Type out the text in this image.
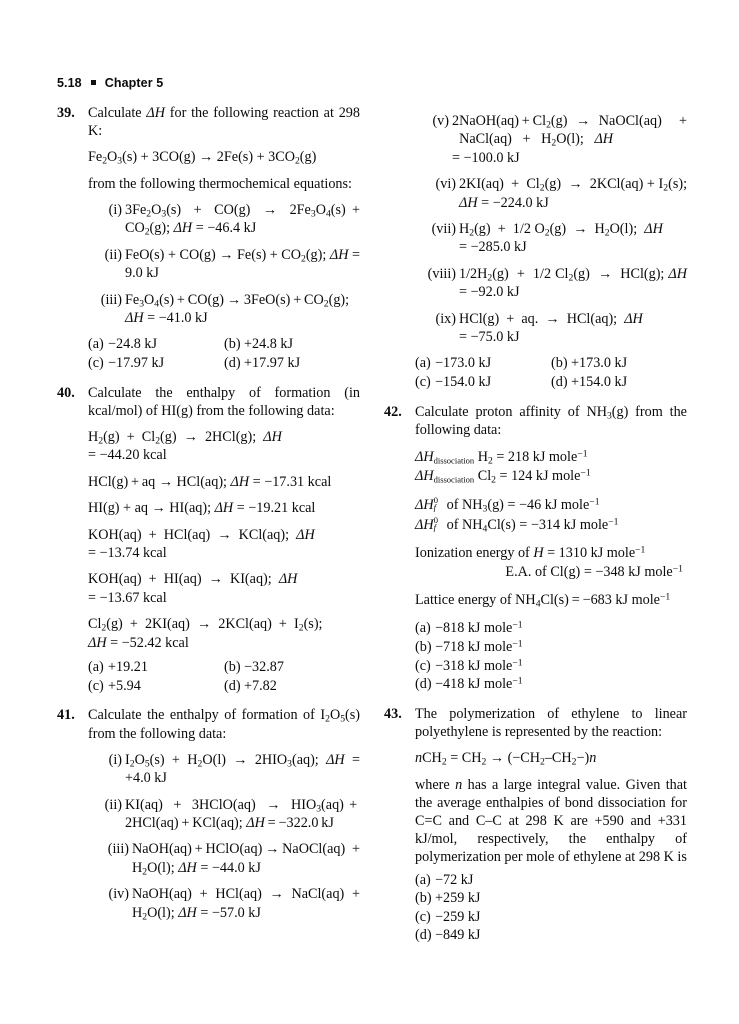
5.18 Chapter 5
39. Calculate ΔH for the following reaction at 298 K:

$Fe_2O_3(s) + 3CO(g) \to 2Fe(s) + 3CO_2(g)$

from the following thermochemical equations:

(i) $3Fe_2O_3(s) + CO(g) \to 2Fe_3O_4(s) + CO_2(g)$; ΔH = −46.4 kJ
(ii) $FeO(s) + CO(g) \to Fe(s) + CO_2(g)$; ΔH = 9.0 kJ
(iii) $Fe_3O_4(s) + CO(g) \to 3FeO(s) + CO_2(g)$; ΔH = −41.0 kJ
(a) −24.8 kJ	(b) +24.8 kJ
(c) −17.97 kJ	(d) +17.97 kJ
40. Calculate the enthalpy of formation (in kcal/mol) of HI(g) from the following data:

$H_2(g) + Cl_2(g) \to 2HCl(g)$;  ΔH
= −44.20 kcal

HCl(g) + aq → HCl(aq); ΔH = −17.31 kcal

HI(g) + aq → HI(aq); ΔH = −19.21 kcal

KOH(aq)  +  HCl(aq)  →  KCl(aq);  ΔH
= −13.74 kcal

KOH(aq)  +  HI(aq)  →  KI(aq);  ΔH
= −13.67 kcal

$Cl_2(g) + 2KI(aq) \to 2KCl(aq) + I_2(s)$;
ΔH = −52.42 kcal

(a) +19.21	(b) −32.87
(c) +5.94	(d) +7.82
41. Calculate the enthalpy of formation of $I_2O_5(s)$ from the following data:

(i) $I_2O_5(s) + H_2O(l) \to 2HIO_3(aq)$; ΔH = +4.0 kJ
(ii) KI(aq)  +  3HClO(aq)  →  $HIO_3(aq) + 2HCl(aq) + KCl(aq)$; ΔH = −322.0 kJ
(iii) NaOH(aq) + HClO(aq) → NaOCl(aq) + $H_2O(l)$; ΔH = −44.0 kJ
(iv) NaOH(aq) + HCl(aq) → NaCl(aq) + $H_2O(l)$; ΔH = −57.0 kJ
(v) 2NaOH(aq) + $Cl_2(g)$ → NaOCl(aq)  +   NaCl(aq)   +   $H_2O(l)$;   ΔH
= −100.0 kJ
(vi) $2KI(aq) + Cl_2(g) \to 2KCl(aq) + I_2(s)$; ΔH = −224.0 kJ
(vii) $H_2(g) + 1/2$ $O_2(g) \to H_2O(l)$;  ΔH
= −285.0 kJ
(viii) $1/2H_2(g) + 1/2$ $Cl_2(g) \to HCl(g)$; ΔH = −92.0 kJ
(ix) HCl(g)  +  aq.  →  HCl(aq);  ΔH
= −75.0 kJ
(a) −173.0 kJ	(b) +173.0 kJ
(c) −154.0 kJ	(d) +154.0 kJ
42. Calculate proton affinity of $NH_3(g)$ from the following data:

ΔHdissociation $H_2 = 218$ kJ mole$^{-1}$

ΔHdissociation $Cl_2 = 124$ kJ mole$^{-1}$

ΔH 0
f of $NH_3(g) = -46$ kJ mole$^{-1}$

ΔH 0
f of $NH_4Cl(s) = -314$ kJ mole$^{-1}$

Ionization energy of H = 1310 kJ mole$^{-1}$

E.A. of Cl(g) = −348 kJ mole$^{-1}$

Lattice energy of $NH_4Cl(s) = -683$ kJ mole$^{-1}$

(a) −818 kJ mole$^{-1}$
(b) −718 kJ mole$^{-1}$
(c) −318 kJ mole$^{-1}$
(d) −418 kJ mole$^{-1}$
43. The polymerization of ethylene to linear polyethylene is represented by the reaction:

$nCH_2 = CH_2 \to (-CH_2-CH_2-)n$

where n has a large integral value. Given that the average enthalpies of bond dissociation for C=C and C–C at 298 K are +590 and +331 kJ/mol, respectively, the enthalpy of polymerization per mole of ethylene at 298 K is

(a) −72 kJ
(b) +259 kJ
(c) −259 kJ
(d) −849 kJ
